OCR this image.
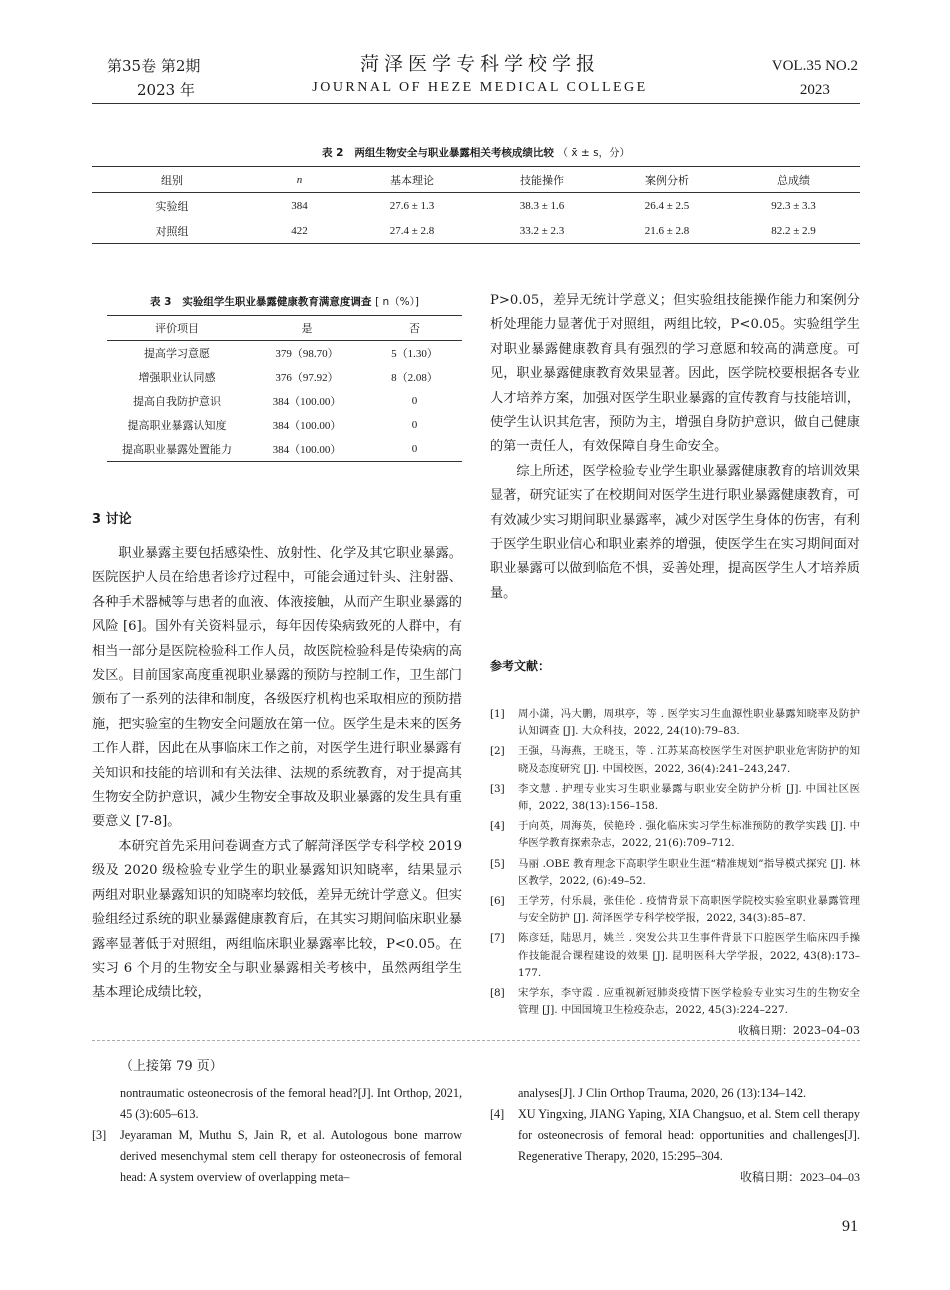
第35卷 第2期
2023 年
菏泽医学专科学校学报
JOURNAL OF HEZE MEDICAL COLLEGE
VOL.35 NO.2
2023
表 2 两组生物安全与职业暴露相关考核成绩比较 （ x̄ ± s，分）
组别	n	基本理论	技能操作	案例分析	总成绩
实验组	384	27.6 ± 1.3	38.3 ± 1.6	26.4 ± 2.5	92.3 ± 3.3
对照组	422	27.4 ± 2.8	33.2 ± 2.3	21.6 ± 2.8	82.2 ± 2.9
表 3 实验组学生职业暴露健康教育满意度调查 [ n（%）]
评价项目	是	否
提高学习意愿	379（98.70）	5（1.30）
增强职业认同感	376（97.92）	8（2.08）
提高自我防护意识	384（100.00）	0
提高职业暴露认知度	384（100.00）	0
提高职业暴露处置能力	384（100.00）	0
3 讨论

职业暴露主要包括感染性、放射性、化学及其它职业暴露。医院医护人员在给患者诊疗过程中，可能会通过针头、注射器、各种手术器械等与患者的血液、体液接触，从而产生职业暴露的风险 [6]。国外有关资料显示，每年因传染病致死的人群中，有相当一部分是医院检验科工作人员，故医院检验科是传染病的高发区。目前国家高度重视职业暴露的预防与控制工作，卫生部门颁布了一系列的法律和制度，各级医疗机构也采取相应的预防措施，把实验室的生物安全问题放在第一位。医学生是未来的医务工作人群，因此在从事临床工作之前，对医学生进行职业暴露有关知识和技能的培训和有关法律、法规的系统教育，对于提高其生物安全防护意识，减少生物安全事故及职业暴露的发生具有重要意义 [7-8]。

本研究首先采用问卷调查方式了解菏泽医学专科学校 2019 级及 2020 级检验专业学生的职业暴露知识知晓率，结果显示两组对职业暴露知识的知晓率均较低，差异无统计学意义。但实验组经过系统的职业暴露健康教育后，在其实习期间临床职业暴露率显著低于对照组，两组临床职业暴露率比较，P<0.05。在实习 6 个月的生物安全与职业暴露相关考核中，虽然两组学生基本理论成绩比较，

P>0.05，差异无统计学意义；但实验组技能操作能力和案例分析处理能力显著优于对照组，两组比较，P<0.05。实验组学生对职业暴露健康教育具有强烈的学习意愿和较高的满意度。可见，职业暴露健康教育效果显著。因此，医学院校要根据各专业人才培养方案，加强对医学生职业暴露的宣传教育与技能培训，使学生认识其危害，预防为主，增强自身防护意识，做自己健康的第一责任人，有效保障自身生命安全。

综上所述，医学检验专业学生职业暴露健康教育的培训效果显著，研究证实了在校期间对医学生进行职业暴露健康教育，可有效减少实习期间职业暴露率，减少对医学生身体的伤害，有利于医学生职业信心和职业素养的增强，使医学生在实习期间面对职业暴露可以做到临危不惧，妥善处理，提高医学生人才培养质量。

参考文献：
[1]	周小潇，冯大鹏，周琪亭，等 . 医学实习生血源性职业暴露知晓率及防护认知调查 [J]. 大众科技，2022, 24(10):79–83.
[2]	王强，马海燕，王晓玉，等 . 江苏某高校医学生对医护职业危害防护的知晓及态度研究 [J]. 中国校医，2022, 36(4):241–243,247.
[3]	李文慧 . 护理专业实习生职业暴露与职业安全防护分析 [J]. 中国社区医师，2022, 38(13):156–158.
[4]	于向英，周海英，侯艳玲 . 强化临床实习学生标准预防的教学实践 [J]. 中华医学教育探索杂志，2022, 21(6):709–712.
[5]	马丽 .OBE 教育理念下高职学生职业生涯“精准规划”指导模式探究 [J]. 林区教学，2022, (6):49–52.
[6]	王学芳，付乐晨，张佳伦 . 疫情背景下高职医学院校实验室职业暴露管理与安全防护 [J]. 菏泽医学专科学校学报，2022, 34(3):85–87.
[7]	陈彦廷，陆思月，姚兰 . 突发公共卫生事件背景下口腔医学生临床四手操作技能混合课程建设的效果 [J]. 昆明医科大学学报，2022, 43(8):173–177.
[8]	宋学东，李守霞 . 应重视新冠肺炎疫情下医学检验专业实习生的生物安全管理 [J]. 中国国境卫生检疫杂志，2022, 45(3):224–227.
收稿日期：2023–04–03
（上接第 79 页）
nontraumatic osteonecrosis of the femoral head?[J]. Int Orthop, 2021, 45 (3):605–613.
[3]	Jeyaraman M, Muthu S, Jain R, et al. Autologous bone marrow derived mesenchymal stem cell therapy for osteonecrosis of femoral head: A system overview of overlapping meta–
analyses[J]. J Clin Orthop Trauma, 2020, 26 (13):134–142.
[4]	XU Yingxing, JIANG Yaping, XIA Changsuo, et al. Stem cell therapy for osteonecrosis of femoral head: opportunities and challenges[J]. Regenerative Therapy, 2020, 15:295–304.
收稿日期：2023–04–03
91
